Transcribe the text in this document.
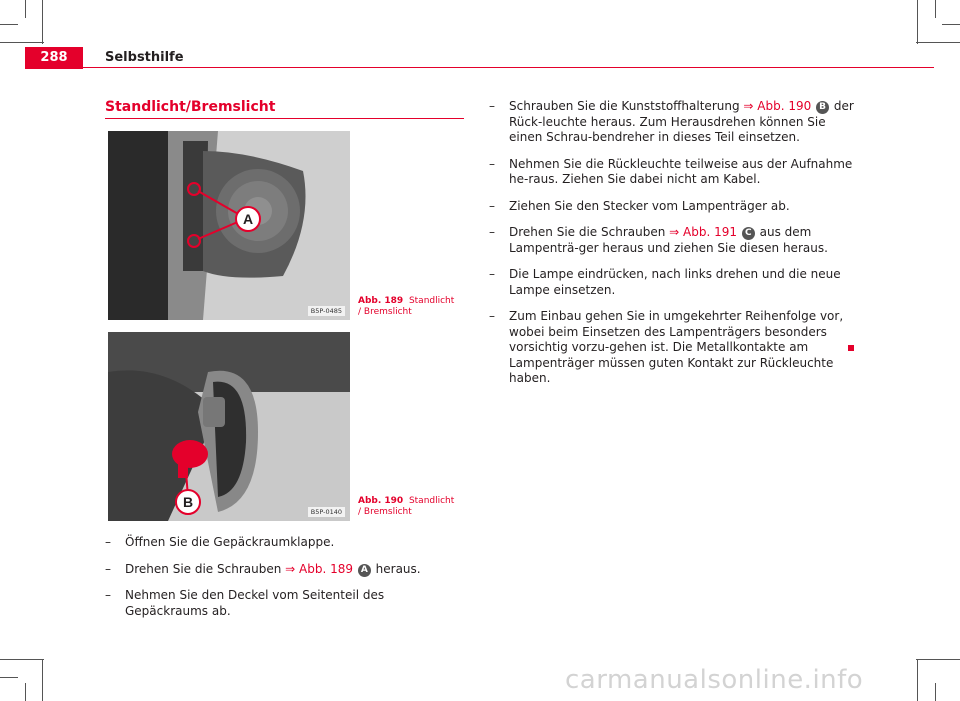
288	Selbsthilfe
Standlicht/Bremslicht
A
B5P-0485
Abb. 189 Standlicht / Bremslicht
B
B5P-0140
Abb. 190 Standlicht / Bremslicht
– Öffnen Sie die Gepäckraumklappe.
– Drehen Sie die Schrauben ⇒ Abb. 189 A heraus.
– Nehmen Sie den Deckel vom Seitenteil des Gepäckraums ab.
– Schrauben Sie die Kunststoffhalterung ⇒ Abb. 190 B der Rück-leuchte heraus. Zum Herausdrehen können Sie einen Schrau-bendreher in dieses Teil einsetzen.
– Nehmen Sie die Rückleuchte teilweise aus der Aufnahme he-raus. Ziehen Sie dabei nicht am Kabel.
– Ziehen Sie den Stecker vom Lampenträger ab.
– Drehen Sie die Schrauben ⇒ Abb. 191 C aus dem Lampenträ-ger heraus und ziehen Sie diesen heraus.
– Die Lampe eindrücken, nach links drehen und die neue Lampe einsetzen.
– Zum Einbau gehen Sie in umgekehrter Reihenfolge vor, wobei beim Einsetzen des Lampenträgers besonders vorsichtig vorzu-gehen ist. Die Metallkontakte am Lampenträger müssen guten Kontakt zur Rückleuchte haben.
carmanualsonline.info
